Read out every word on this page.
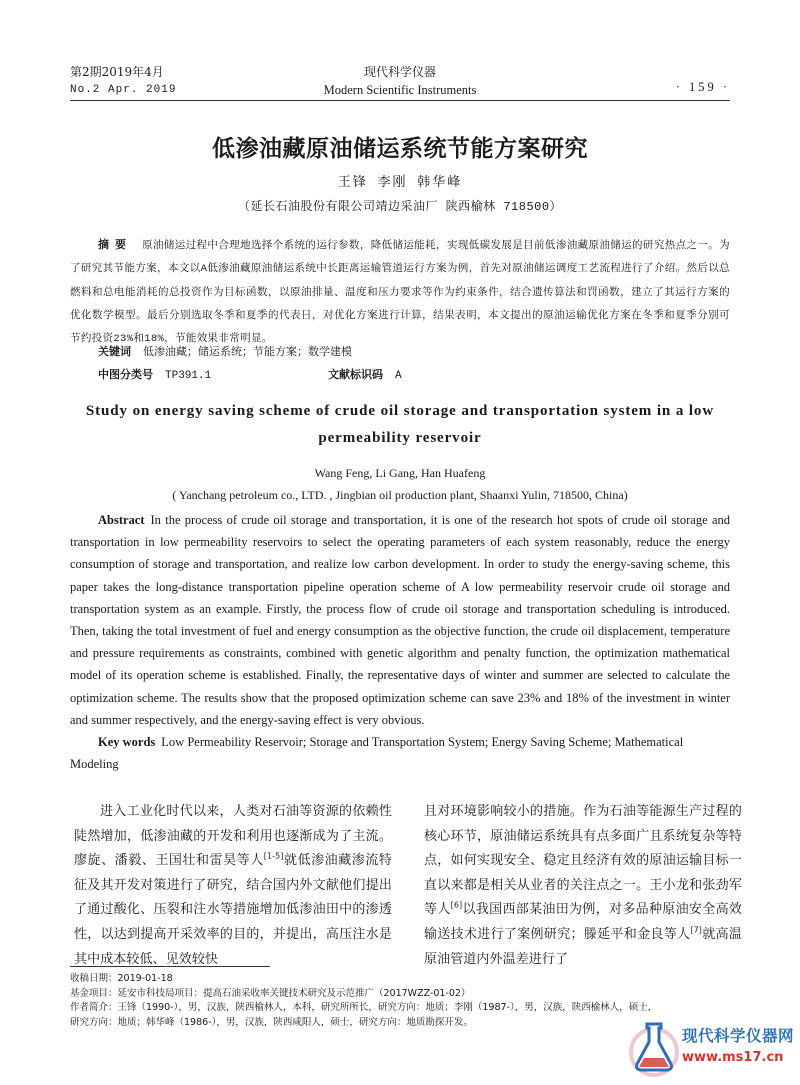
第2期2019年4月
No.2 Apr. 2019
现代科学仪器
Modern Scientific Instruments	· 159 ·
低渗油藏原油储运系统节能方案研究
王锋 李刚 韩华峰
（延长石油股份有限公司靖边采油厂 陕西榆林 718500）
摘要 原油储运过程中合理地选择个系统的运行参数，降低储运能耗，实现低碳发展是目前低渗油藏原油储运的研究热点之一。为了研究其节能方案，本文以A低渗油藏原油储运系统中长距离运输管道运行方案为例，首先对原油储运调度工艺流程进行了介绍。然后以总燃料和总电能消耗的总投资作为目标函数，以原油排量、温度和压力要求等作为约束条件，结合遗传算法和罚函数，建立了其运行方案的优化数学模型。最后分别选取冬季和夏季的代表日，对优化方案进行计算，结果表明，本文提出的原油运输优化方案在冬季和夏季分别可节约投资23%和18%，节能效果非常明显。
关键词 低渗油藏；储运系统；节能方案；数学建模
中图分类号 TP391.1	文献标识码 A
Study on energy saving scheme of crude oil storage and transportation system in a low permeability reservoir
Wang Feng, Li Gang, Han Huafeng
( Yanchang petroleum co., LTD. , Jingbian oil production plant, Shaanxi Yulin, 718500, China)
Abstract In the process of crude oil storage and transportation, it is one of the research hot spots of crude oil storage and transportation in low permeability reservoirs to select the operating parameters of each system reasonably, reduce the energy consumption of storage and transportation, and realize low carbon development. In order to study the energy-saving scheme, this paper takes the long-distance transportation pipeline operation scheme of A low permeability reservoir crude oil storage and transportation system as an example. Firstly, the process flow of crude oil storage and transportation scheduling is introduced. Then, taking the total investment of fuel and energy consumption as the objective function, the crude oil displacement, temperature and pressure requirements as constraints, combined with genetic algorithm and penalty function, the optimization mathematical model of its operation scheme is established. Finally, the representative days of winter and summer are selected to calculate the optimization scheme. The results show that the proposed optimization scheme can save 23% and 18% of the investment in winter and summer respectively, and the energy-saving effect is very obvious.
Key words Low Permeability Reservoir; Storage and Transportation System; Energy Saving Scheme; Mathematical Modeling
进入工业化时代以来，人类对石油等资源的依赖性陡然增加，低渗油藏的开发和利用也逐渐成为了主流。廖旋、潘毅、王国壮和雷昊等人[1-5]就低渗油藏渗流特征及其开发对策进行了研究，结合国内外文献他们提出了通过酸化、压裂和注水等措施增加低渗油田中的渗透性，以达到提高开采效率的目的，并提出，高压注水是其中成本较低、见效较快
且对环境影响较小的措施。作为石油等能源生产过程的核心环节，原油储运系统具有点多面广且系统复杂等特点，如何实现安全、稳定且经济有效的原油运输目标一直以来都是相关从业者的关注点之一。王小龙和张劲军等人[6]以我国西部某油田为例，对多品种原油安全高效输送技术进行了案例研究；滕延平和金良等人[7]就高温原油管道内外温差进行了
收稿日期：2019-01-18
基金项目：延安市科技局项目：提高石油采收率关键技术研究及示范推广（2017WZZ-01-02）
作者简介：王锋（1990-），男，汉族，陕西榆林人，本科，研究所所长，研究方向：地质；李刚（1987-），男，汉族，陕西榆林人，硕士，
研究方向：地质；韩华峰（1986-），男，汉族，陕西咸阳人，硕士，研究方向：地质勘探开发。
现代科学仪器网
www.ms17.cn
